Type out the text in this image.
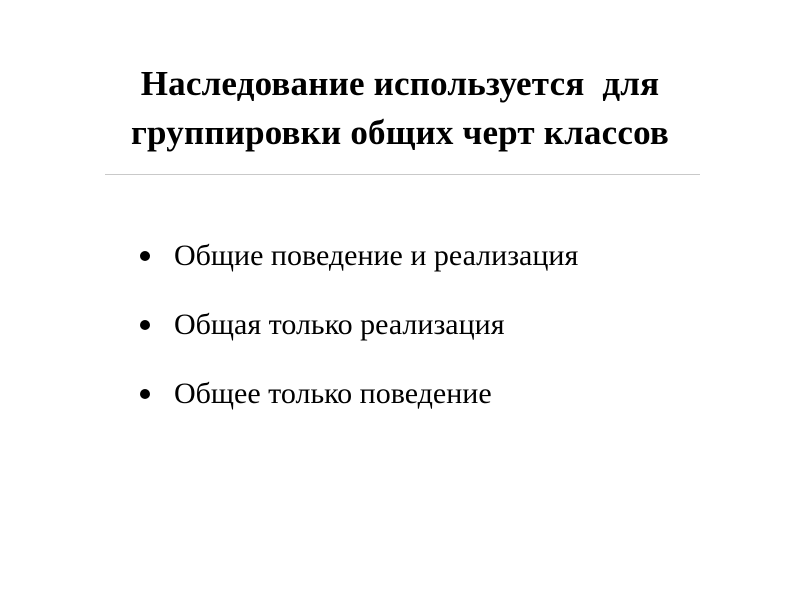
Наследование используется  для
группировки общих черт классов
Общие поведение и реализация
Общая только реализация
Общее только поведение
